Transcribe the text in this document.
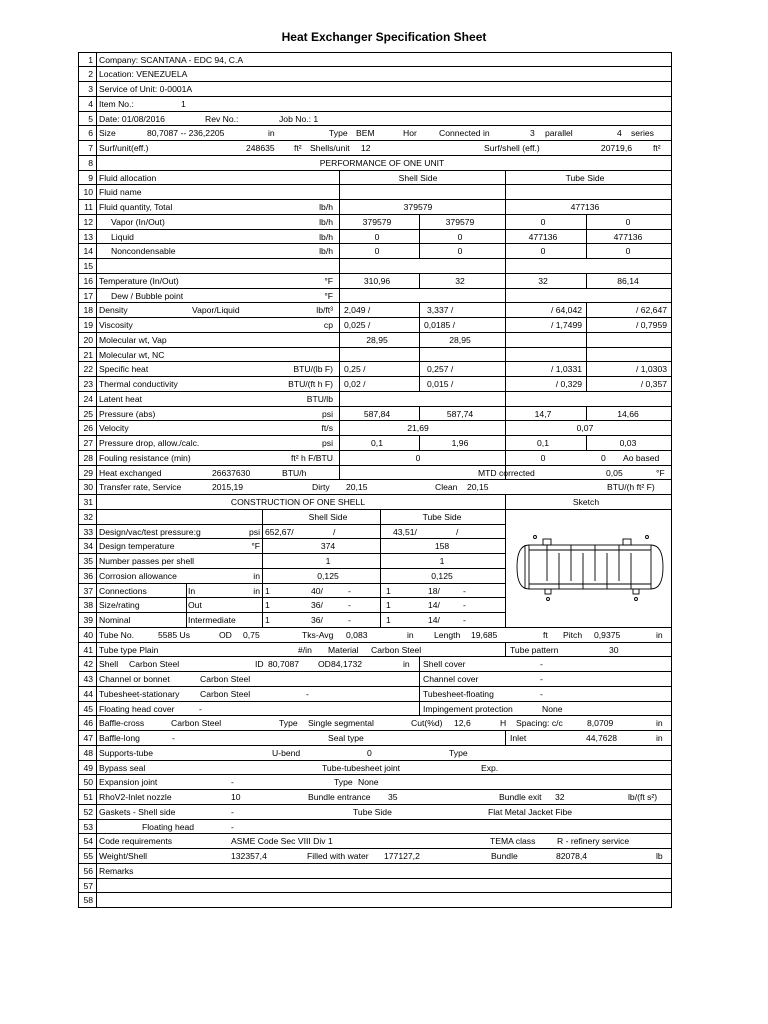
Heat Exchanger Specification Sheet
1 Company: SCANTANA - EDC 94, C.A
2 Location: VENEZUELA
3 Service of Unit: 0-0001A
4 Item No.:	1
5 Date: 01/08/2016	Rev No.:	Job No.: 1
6 Size	80,7087 -- 236,2205	in	Type BEM	Hor	Connected in	3 parallel	4 series
7 Surf/unit(eff.)	248635 ft² Shells/unit 12	Surf/shell (eff.)	20719,6 ft²
8	PERFORMANCE OF ONE UNIT
9 Fluid allocation	Shell Side	Tube Side
10 Fluid name
11 Fluid quantity, Total	lb/h	379579	477136
12 Vapor (In/Out)	lb/h	379579	379579	0	0
13 Liquid	lb/h	0	0	477136	477136
14 Noncondensable	lb/h	0	0	0	0
15
16 Temperature (In/Out)	°F	310,96	32	32	86,14
17 Dew / Bubble point	°F
18 Density	Vapor/Liquid	lb/ft³ 2,049 /	3,337 /	/ 64,042	/ 62,647
19 Viscosity	cp 0,025 /	0,0185 /	/ 1,7499	/ 0,7959
20 Molecular wt, Vap	28,95	28,95
21 Molecular wt, NC
22 Specific heat	BTU/(lb F) 0,25 /	0,257 /	/ 1,0331	/ 1,0303
23 Thermal conductivity	BTU/(ft h F) 0,02 /	0,015 /	/ 0,329	/ 0,357
24 Latent heat	BTU/lb
25 Pressure (abs)	psi	587,84	587,74	14,7	14,66
26 Velocity	ft/s	21,69	0,07
27 Pressure drop, allow./calc.	psi	0,1	1,96	0,1	0,03
28 Fouling resistance (min)	ft² h F/BTU	0	0	0 Ao based
29 Heat exchanged	26637630	BTU/h	MTD corrected	0,05	°F
30 Transfer rate, Service	2015,19	Dirty 20,15	Clean 20,15	BTU/(h ft² F)
31	CONSTRUCTION OF ONE SHELL	Sketch
32	Shell Side	Tube Side
33 Design/vac/test pressure:g	psi 652,67/	/	43,51/	/
34 Design temperature	°F	374	158
35 Number passes per shell	1	1
36 Corrosion allowance	in	0,125	0,125
37 Connections	In	in 1	40/	-	1	18/	-
38 Size/rating	Out	1	36/	-	1	14/	-
39 Nominal	Intermediate	1	36/	-	1	14/	-
40 Tube No.	5585 Us	OD 0,75	Tks-Avg 0,083	in Length 19,685	ft Pitch 0,9375	in
41 Tube type Plain	#/in Material Carbon Steel	Tube pattern	30
42 Shell Carbon Steel	ID 80,7087 OD 84,1732	in Shell cover	-
43 Channel or bonnet	Carbon Steel	Channel cover	-
44 Tubesheet-stationary Carbon Steel	-	Tubesheet-floating	-
45 Floating head cover	-	Impingement protection	None
46 Baffle-cross	Carbon Steel	Type Single segmental	Cut(%d) 12,6	H Spacing: c/c	8,0709	in
47 Baffle-long	-	Seal type	Inlet	44,7628	in
48 Supports-tube	U-bend	0	Type
49 Bypass seal	Tube-tubesheet joint	Exp.
50 Expansion joint	-	Type None
51 RhoV2-Inlet nozzle	10	Bundle entrance 35	Bundle exit 32	lb/(ft s²)
52 Gaskets - Shell side	-	Tube Side	Flat Metal Jacket Fibe
53	Floating head	-
54 Code requirements	ASME Code Sec VIII Div 1	TEMA class	R - refinery service
55 Weight/Shell	132357,4	Filled with water 177127,2	Bundle	82078,4	lb
56 Remarks
57
58
